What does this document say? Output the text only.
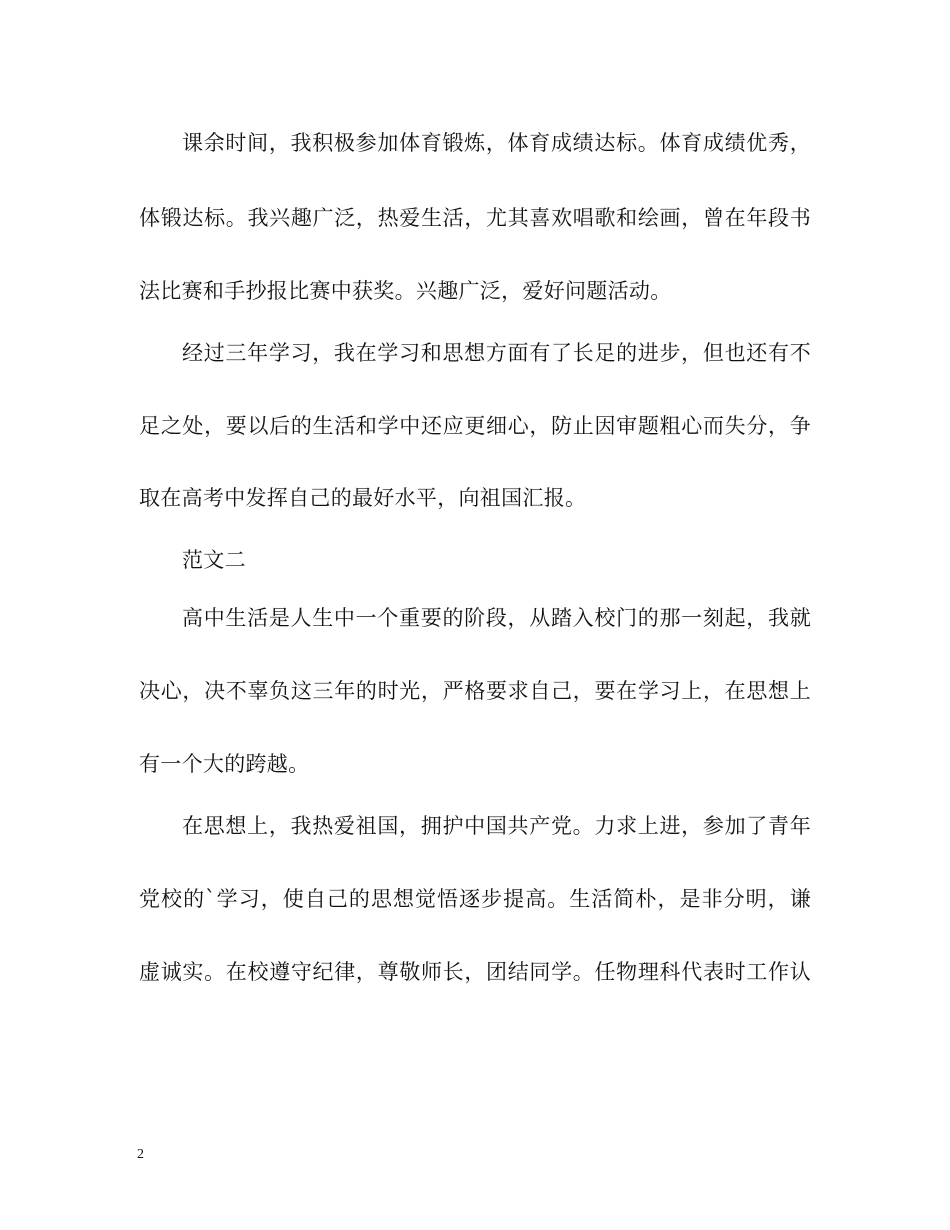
课余时间，我积极参加体育锻炼，体育成绩达标。体育成绩优秀，
体锻达标。我兴趣广泛，热爱生活，尤其喜欢唱歌和绘画，曾在年段书
法比赛和手抄报比赛中获奖。兴趣广泛，爱好问题活动。
经过三年学习，我在学习和思想方面有了长足的进步，但也还有不
足之处，要以后的生活和学中还应更细心，防止因审题粗心而失分，争
取在高考中发挥自己的最好水平，向祖国汇报。
范文二
高中生活是人生中一个重要的阶段，从踏入校门的那一刻起，我就
决心，决不辜负这三年的时光，严格要求自己，要在学习上，在思想上
有一个大的跨越。
在思想上，我热爱祖国，拥护中国共产党。力求上进，参加了青年
党校的`学习，使自己的思想觉悟逐步提高。生活简朴，是非分明，谦
虚诚实。在校遵守纪律，尊敬师长，团结同学。任物理科代表时工作认
2
